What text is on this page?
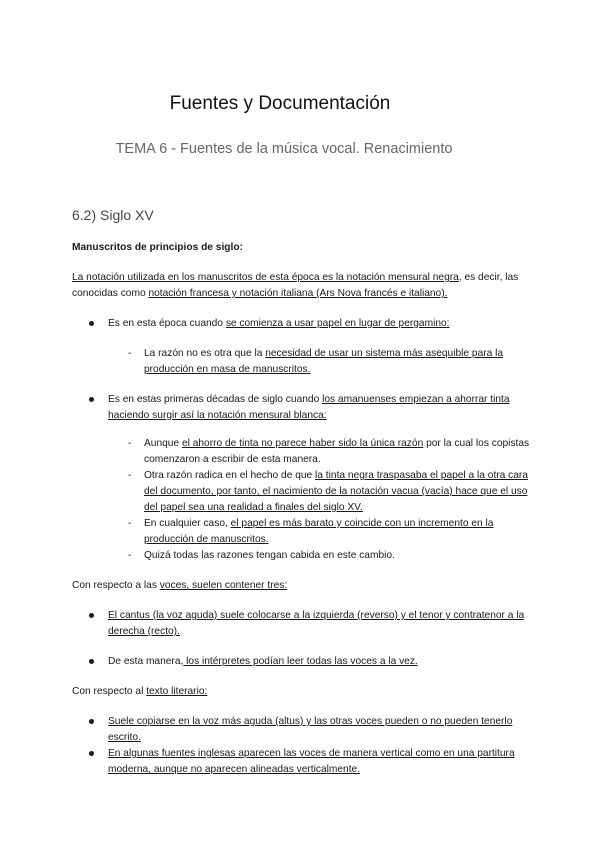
Fuentes y Documentación
TEMA 6 - Fuentes de la música vocal. Renacimiento
6.2) Siglo XV

Manuscritos de principios de siglo:

La notación utilizada en los manuscritos de esta época es la notación mensural negra, es decir, las conocidas como notación francesa y notación italiana (Ars Nova francés e italiano).

Es en esta época cuando se comienza a usar papel en lugar de pergamino:
- La razón no es otra que la necesidad de usar un sistema más asequible para la producción en masa de manuscritos.
Es en estas primeras décadas de siglo cuando los amanuenses empiezan a ahorrar tinta haciendo surgir así la notación mensural blanca:
- Aunque el ahorro de tinta no parece haber sido la única razón por la cual los copistas comenzaron a escribir de esta manera.
- Otra razón radica en el hecho de que la tinta negra traspasaba el papel a la otra cara del documento, por tanto, el nacimiento de la notación vacua (vacía) hace que el uso del papel sea una realidad a finales del siglo XV.
- En cualquier caso, el papel es más barato y coincide con un incremento en la producción de manuscritos.
- Quizá todas las razones tengan cabida en este cambio.

Con respecto a las voces, suelen contener tres:

El cantus (la voz aguda) suele colocarse a la izquierda (reverso) y el tenor y contratenor a la derecha (recto).
De esta manera, los intérpretes podían leer todas las voces a la vez.

Con respecto al texto literario:

Suele copiarse en la voz más aguda (altus) y las otras voces pueden o no pueden tenerlo escrito.
En algunas fuentes inglesas aparecen las voces de manera vertical como en una partitura moderna, aunque no aparecen alineadas verticalmente.
